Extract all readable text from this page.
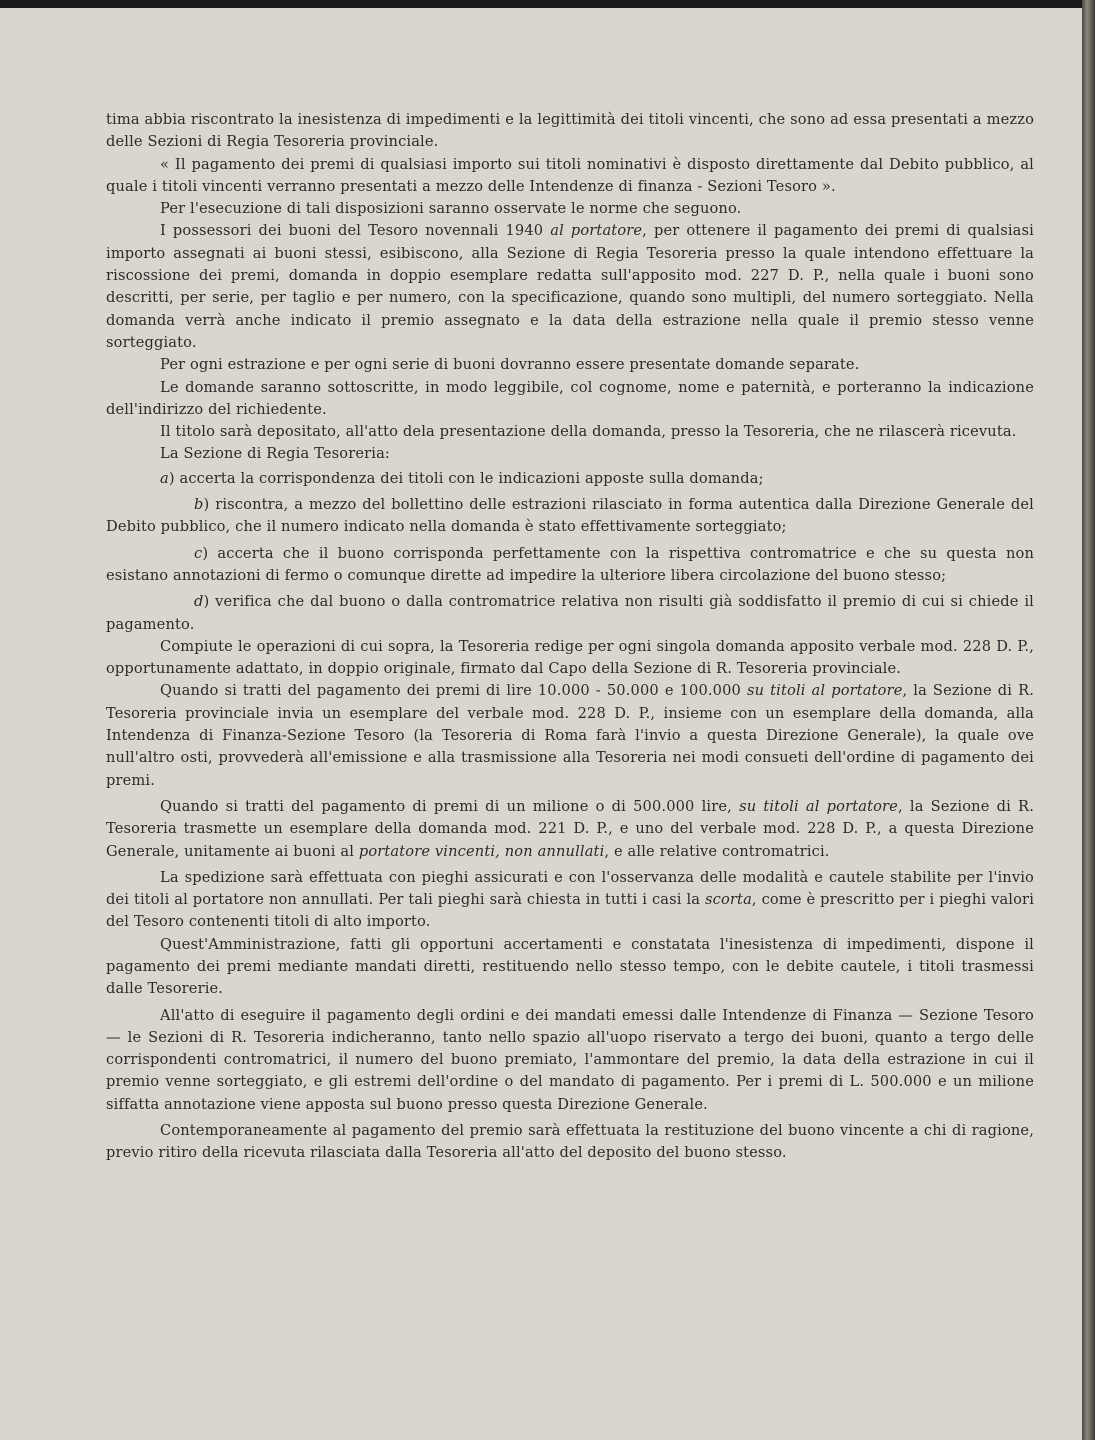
tima abbia riscontrato la inesistenza di impedimenti e la legittimità dei titoli vincenti, che sono ad essa presentati a mezzo delle Sezioni di Regia Tesoreria provinciale.

« Il pagamento dei premi di qualsiasi importo sui titoli nominativi è disposto direttamente dal Debito pubblico, al quale i titoli vincenti verranno presentati a mezzo delle Intendenze di finanza - Sezioni Tesoro ».

Per l'esecuzione di tali disposizioni saranno osservate le norme che seguono.

I possessori dei buoni del Tesoro novennali 1940 al portatore, per ottenere il pagamento dei premi di qualsiasi importo assegnati ai buoni stessi, esibiscono, alla Sezione di Regia Tesoreria presso la quale intendono effettuare la riscossione dei premi, domanda in doppio esemplare redatta sull'apposito mod. 227 D. P., nella quale i buoni sono descritti, per serie, per taglio e per numero, con la specificazione, quando sono multipli, del numero sorteggiato. Nella domanda verrà anche indicato il premio assegnato e la data della estrazione nella quale il premio stesso venne sorteggiato.

Per ogni estrazione e per ogni serie di buoni dovranno essere presentate domande separate.

Le domande saranno sottoscritte, in modo leggibile, col cognome, nome e paternità, e porteranno la indicazione dell'indirizzo del richiedente.

Il titolo sarà depositato, all'atto dela presentazione della domanda, presso la Tesoreria, che ne rilascerà ricevuta.

La Sezione di Regia Tesoreria:

a) accerta la corrispondenza dei titoli con le indicazioni apposte sulla domanda;

b) riscontra, a mezzo del bollettino delle estrazioni rilasciato in forma autentica dalla Direzione Generale del Debito pubblico, che il numero indicato nella domanda è stato effettivamente sorteggiato;

c) accerta che il buono corrisponda perfettamente con la rispettiva contromatrice e che su questa non esistano annotazioni di fermo o comunque dirette ad impedire la ulteriore libera circolazione del buono stesso;

d) verifica che dal buono o dalla contromatrice relativa non risulti già soddisfatto il premio di cui si chiede il pagamento.

Compiute le operazioni di cui sopra, la Tesoreria redige per ogni singola domanda apposito verbale mod. 228 D. P., opportunamente adattato, in doppio originale, firmato dal Capo della Sezione di R. Tesoreria provinciale.

Quando si tratti del pagamento dei premi di lire 10.000 - 50.000 e 100.000 su titoli al portatore, la Sezione di R. Tesoreria provinciale invia un esemplare del verbale mod. 228 D. P., insieme con un esemplare della domanda, alla Intendenza di Finanza-Sezione Tesoro (la Tesoreria di Roma farà l'invio a questa Direzione Generale), la quale ove null'altro osti, provvederà all'emissione e alla trasmissione alla Tesoreria nei modi consueti dell'ordine di pagamento dei premi.

Quando si tratti del pagamento di premi di un milione o di 500.000 lire, su titoli al portatore, la Sezione di R. Tesoreria trasmette un esemplare della domanda mod. 221 D. P., e uno del verbale mod. 228 D. P., a questa Direzione Generale, unitamente ai buoni al portatore vincenti, non annullati, e alle relative contromatrici.

La spedizione sarà effettuata con pieghi assicurati e con l'osservanza delle modalità e cautele stabilite per l'invio dei titoli al portatore non annullati. Per tali pieghi sarà chiesta in tutti i casi la scorta, come è prescritto per i pieghi valori del Tesoro contenenti titoli di alto importo.

Quest'Amministrazione, fatti gli opportuni accertamenti e constatata l'inesistenza di impedimenti, dispone il pagamento dei premi mediante mandati diretti, restituendo nello stesso tempo, con le debite cautele, i titoli trasmessi dalle Tesorerie.

All'atto di eseguire il pagamento degli ordini e dei mandati emessi dalle Intendenze di Finanza — Sezione Tesoro — le Sezioni di R. Tesoreria indicheranno, tanto nello spazio all'uopo riservato a tergo dei buoni, quanto a tergo delle corrispondenti contromatrici, il numero del buono premiato, l'ammontare del premio, la data della estrazione in cui il premio venne sorteggiato, e gli estremi dell'ordine o del mandato di pagamento. Per i premi di L. 500.000 e un milione siffatta annotazione viene apposta sul buono presso questa Direzione Generale.

Contemporaneamente al pagamento del premio sarà effettuata la restituzione del buono vincente a chi di ragione, previo ritiro della ricevuta rilasciata dalla Tesoreria all'atto del deposito del buono stesso.
